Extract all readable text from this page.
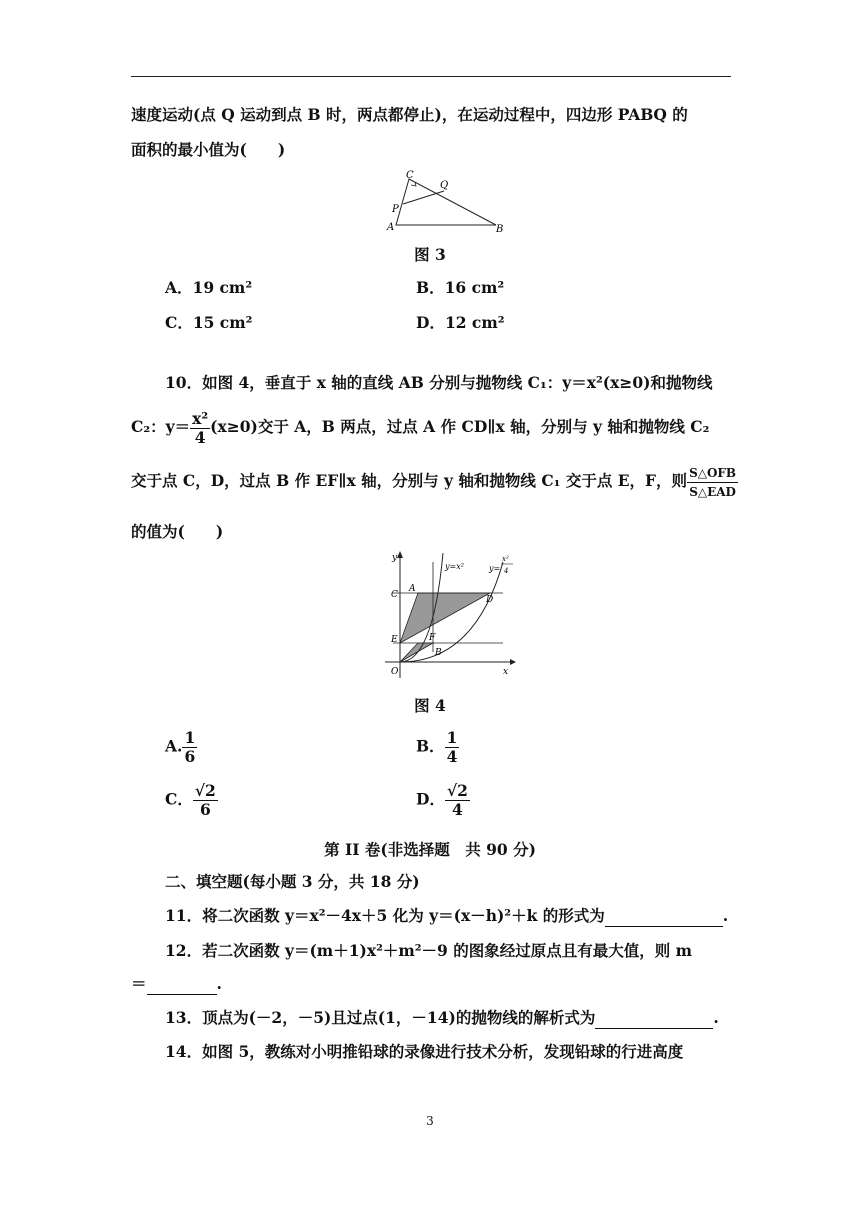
速度运动(点 Q 运动到点 B 时，两点都停止)，在运动过程中，四边形 PABQ 的
面积的最小值为(　　)
C
Q
P
A	B
图 3
A．19 cm²	B．16 cm²
C．15 cm²	D．12 cm²
10．如图 4，垂直于 x 轴的直线 AB 分别与抛物线 C₁：y＝x²(x≥0)和抛物线
C₂：$y= \frac{\text{x²}}{4} (x\ge 0)$交于 A，B 两点，过点 A 作 CD∥x 轴，分别与 y 轴和抛物线 C₂
交于点 C，D，过点 B 作 EF∥x 轴，分别与 y 轴和抛物线 C₁ 交于点 E，F，则 $\frac{\text{S△OFB}}{\text{S△EAD}}$
的值为(　　)
y
x
O
A
B
C	D
E	F
y=x²	y=
x²
4
图 4
A. $\frac{1}{6}$	B． $\frac{1}{4}$
C． $\frac{√2}{6}$	D． $\frac{√2}{4}$
第 II 卷(非选择题　共 90 分)
二、填空题(每小题 3 分，共 18 分)
11．将二次函数 y＝x²－4x＋5 化为 y＝(x－h)²＋k 的形式为	.
12．若二次函数 y＝(m＋1)x²＋m²－9 的图象经过原点且有最大值，则 m
＝	.
13．顶点为(－2，－5)且过点(1，－14)的抛物线的解析式为	.
14．如图 5，教练对小明推铅球的录像进行技术分析，发现铅球的行进高度
3
